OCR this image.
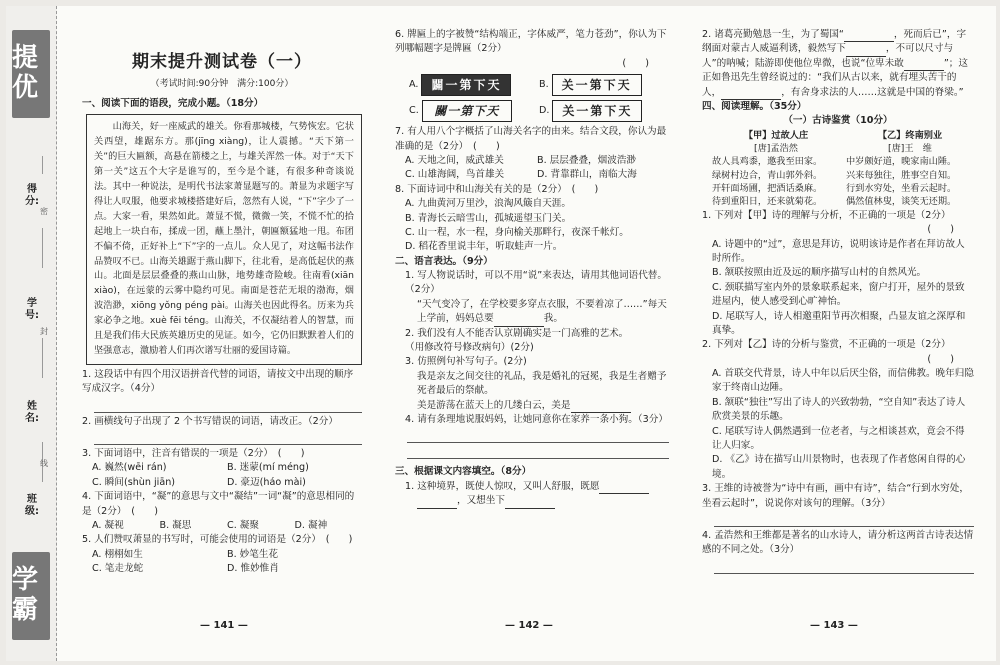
提优
得分:
学号:
姓名:
班级:
密
封
线
学霸
期末提升测试卷（一）
（考试时间:90分钟　满分:100分）

一、阅读下面的语段，完成小题。（18分）

　　山海关，好一座威武的雄关。你看那城楼，气势恢宏。它状关西望，雄踞东方。那(jīng xiàng)，让人震撼。“天下第一关”的巨大匾额，高悬在箭楼之上，与雄关浑然一体。对于“天下第一关”这五个大字是谁写的，至今是个谜，有很多种奇谈说法。其中一种说法，是明代书法家萧显题写的。萧显为求题字写得让人叹服，他要求城楼搭建好后，忽然有人说，“下”字少了一点。大家一看，果然如此。萧显不慌，微微一笑，不慌不忙的拾起地上一块白布，揉成一团，蘸上墨汁，朝匾额猛地一甩。布团不偏不倚，正好补上“下”字的一点儿。众人见了，对这幅书法作品赞叹不已。山海关雄踞于燕山脚下，往北看，是高低起伏的燕山。北面是层层叠叠的燕山山脉，地势雄奇险峻。往南看(xiān xiào)，在远蒙的云雾中隐约可见。南面是苍茫无垠的渤海，烟波浩渺，xiōng yǒng péng pài。山海关也因此得名。历来为兵家必争之地。xuè fēi téng。山海关，不仅凝结着人的智慧，而且是我们伟大民族英雄历史的见证。如今，它仍旧默默着人们的坚强意志，激励着人们再次谱写壮丽的爱国诗篇。

1. 这段话中有四个用汉语拼音代替的词语，请按文中出现的顺序写成汉字。（4分）

2. 画横线句子出现了 2 个书写错误的词语，请改正。（2分）

3. 下面词语中，注音有错误的一项是（2分）　(　　)

A. 巍然(wēi rán)	B. 迷蒙(mí méng)
C. 瞬间(shùn jiān)	D. 豪迈(háo mài)

4. 下面词语中，“凝”的意思与文中“凝结”一词“凝”的意思相同的是（2分）　(　　)

A. 凝视	B. 凝思	C. 凝聚	D. 凝神

5. 人们赞叹萧显的书写时，可能会使用的词语是（2分）　(　　)

A. 栩栩如生	B. 妙笔生花
C. 笔走龙蛇	D. 惟妙惟肖
— 141 —

6. 牌匾上的字被赞“结构端正，字体威严，笔力苍劲”，你认为下列哪幅题字是牌匾（2分）

(　　)

A.	闢一第下天	B.	关一第下天
C.	關一第下天	D.	关一第下天

7. 有人用八个字概括了山海关名字的由来。结合文段，你认为最准确的是（2分）　(　　)

A. 天地之间，威武雄关	B. 层层叠叠，烟波浩渺
C. 山雄海阔，鸟首雄关	D. 背靠群山，南临大海

8. 下面诗词中和山海关有关的是（2分）　(　　)

A. 九曲黄河万里沙，浪淘风簸自天涯。

B. 青海长云暗雪山，孤城遥望玉门关。

C. 山一程，水一程，身向榆关那畔行，夜深千帐灯。

D. 稻花香里说丰年，听取蛙声一片。

二、语言表达。（9分）

1. 写人物说话时，可以不用“说”来表达，请用其他词语代替。（2分）

“天气变冷了，在学校要多穿点衣服，不要着凉了……”每天上学前，妈妈总要	我。

2. 我们没有人不能否认京剧确实是一门高雅的艺术。

（用修改符号修改病句）(2分)

3. 仿照例句补写句子。(2分)

我是亲友之间交往的礼品，我是婚礼的冠冕，我是生者赠予死者最后的祭献。

美是游荡在蓝天上的几缕白云，美是

4. 请有条理地说服妈妈，让她同意你在家养一条小狗。（3分）

三、根据课文内容填空。（8分）

1. 这种境界，既使人惊叹，又叫人舒服，既愿

，又想坐下

— 142 —

2. 诸葛亮勤勉恳一生，为了蜀国“	，死而后已”，字纲面对蒙古人威逼利诱，毅然写下	，不可以尺寸与人”的呐喊；陆游即使他位卑微，也说“位卑未敢	”；这正如鲁迅先生曾经说过的：“我们从古以来，就有埋头苦干的人，	，有舍身求法的人……这就是中国的脊梁。”

四、阅读理解。（35分）

（一）古诗鉴赏（10分）

【甲】过故人庄

[唐]孟浩然

故人具鸡黍，邀我至田家。

绿树村边合，青山郭外斜。

开轩面场圃，把酒话桑麻。

待到重阳日，还来就菊花。

【乙】终南别业

[唐]王　维

中岁颇好道，晚家南山陲。

兴来每独往，胜事空自知。

行到水穷处，坐看云起时。

偶然值林叟，谈笑无还期。

1. 下列对【甲】诗的理解与分析，不正确的一项是（2分）

(　　)

A. 诗题中的“过”，意思是拜访，说明该诗是作者在拜访故人时所作。

B. 颔联按照由近及远的顺序描写山村的自然风光。

C. 颈联描写室内外的景象联系起来，窗户打开，屋外的景致进屋内，使人感受到心旷神怡。

D. 尾联写人，诗人相邀重阳节再次相聚，凸显友谊之深厚和真挚。

2. 下列对【乙】诗的分析与鉴赏，不正确的一项是（2分）

(　　)

A. 首联交代背景，诗人中年以后厌尘俗，而信佛教。晚年归隐家于终南山边陲。

B. 颔联“独往”写出了诗人的兴致勃勃，“空自知”表达了诗人欣赏美景的乐趣。

C. 尾联写诗人偶然遇到一位老者，与之相谈甚欢，竟会不得让人归家。

D. 《乙》诗在描写山川景物时，也表现了作者悠闲自得的心境。

3. 王维的诗被誉为“诗中有画，画中有诗”，结合“行到水穷处，坐看云起时”，说说你对该句的理解。（3分）

4. 孟浩然和王维都是著名的山水诗人，请分析这两首古诗表达情感的不同之处。（3分）

— 143 —
